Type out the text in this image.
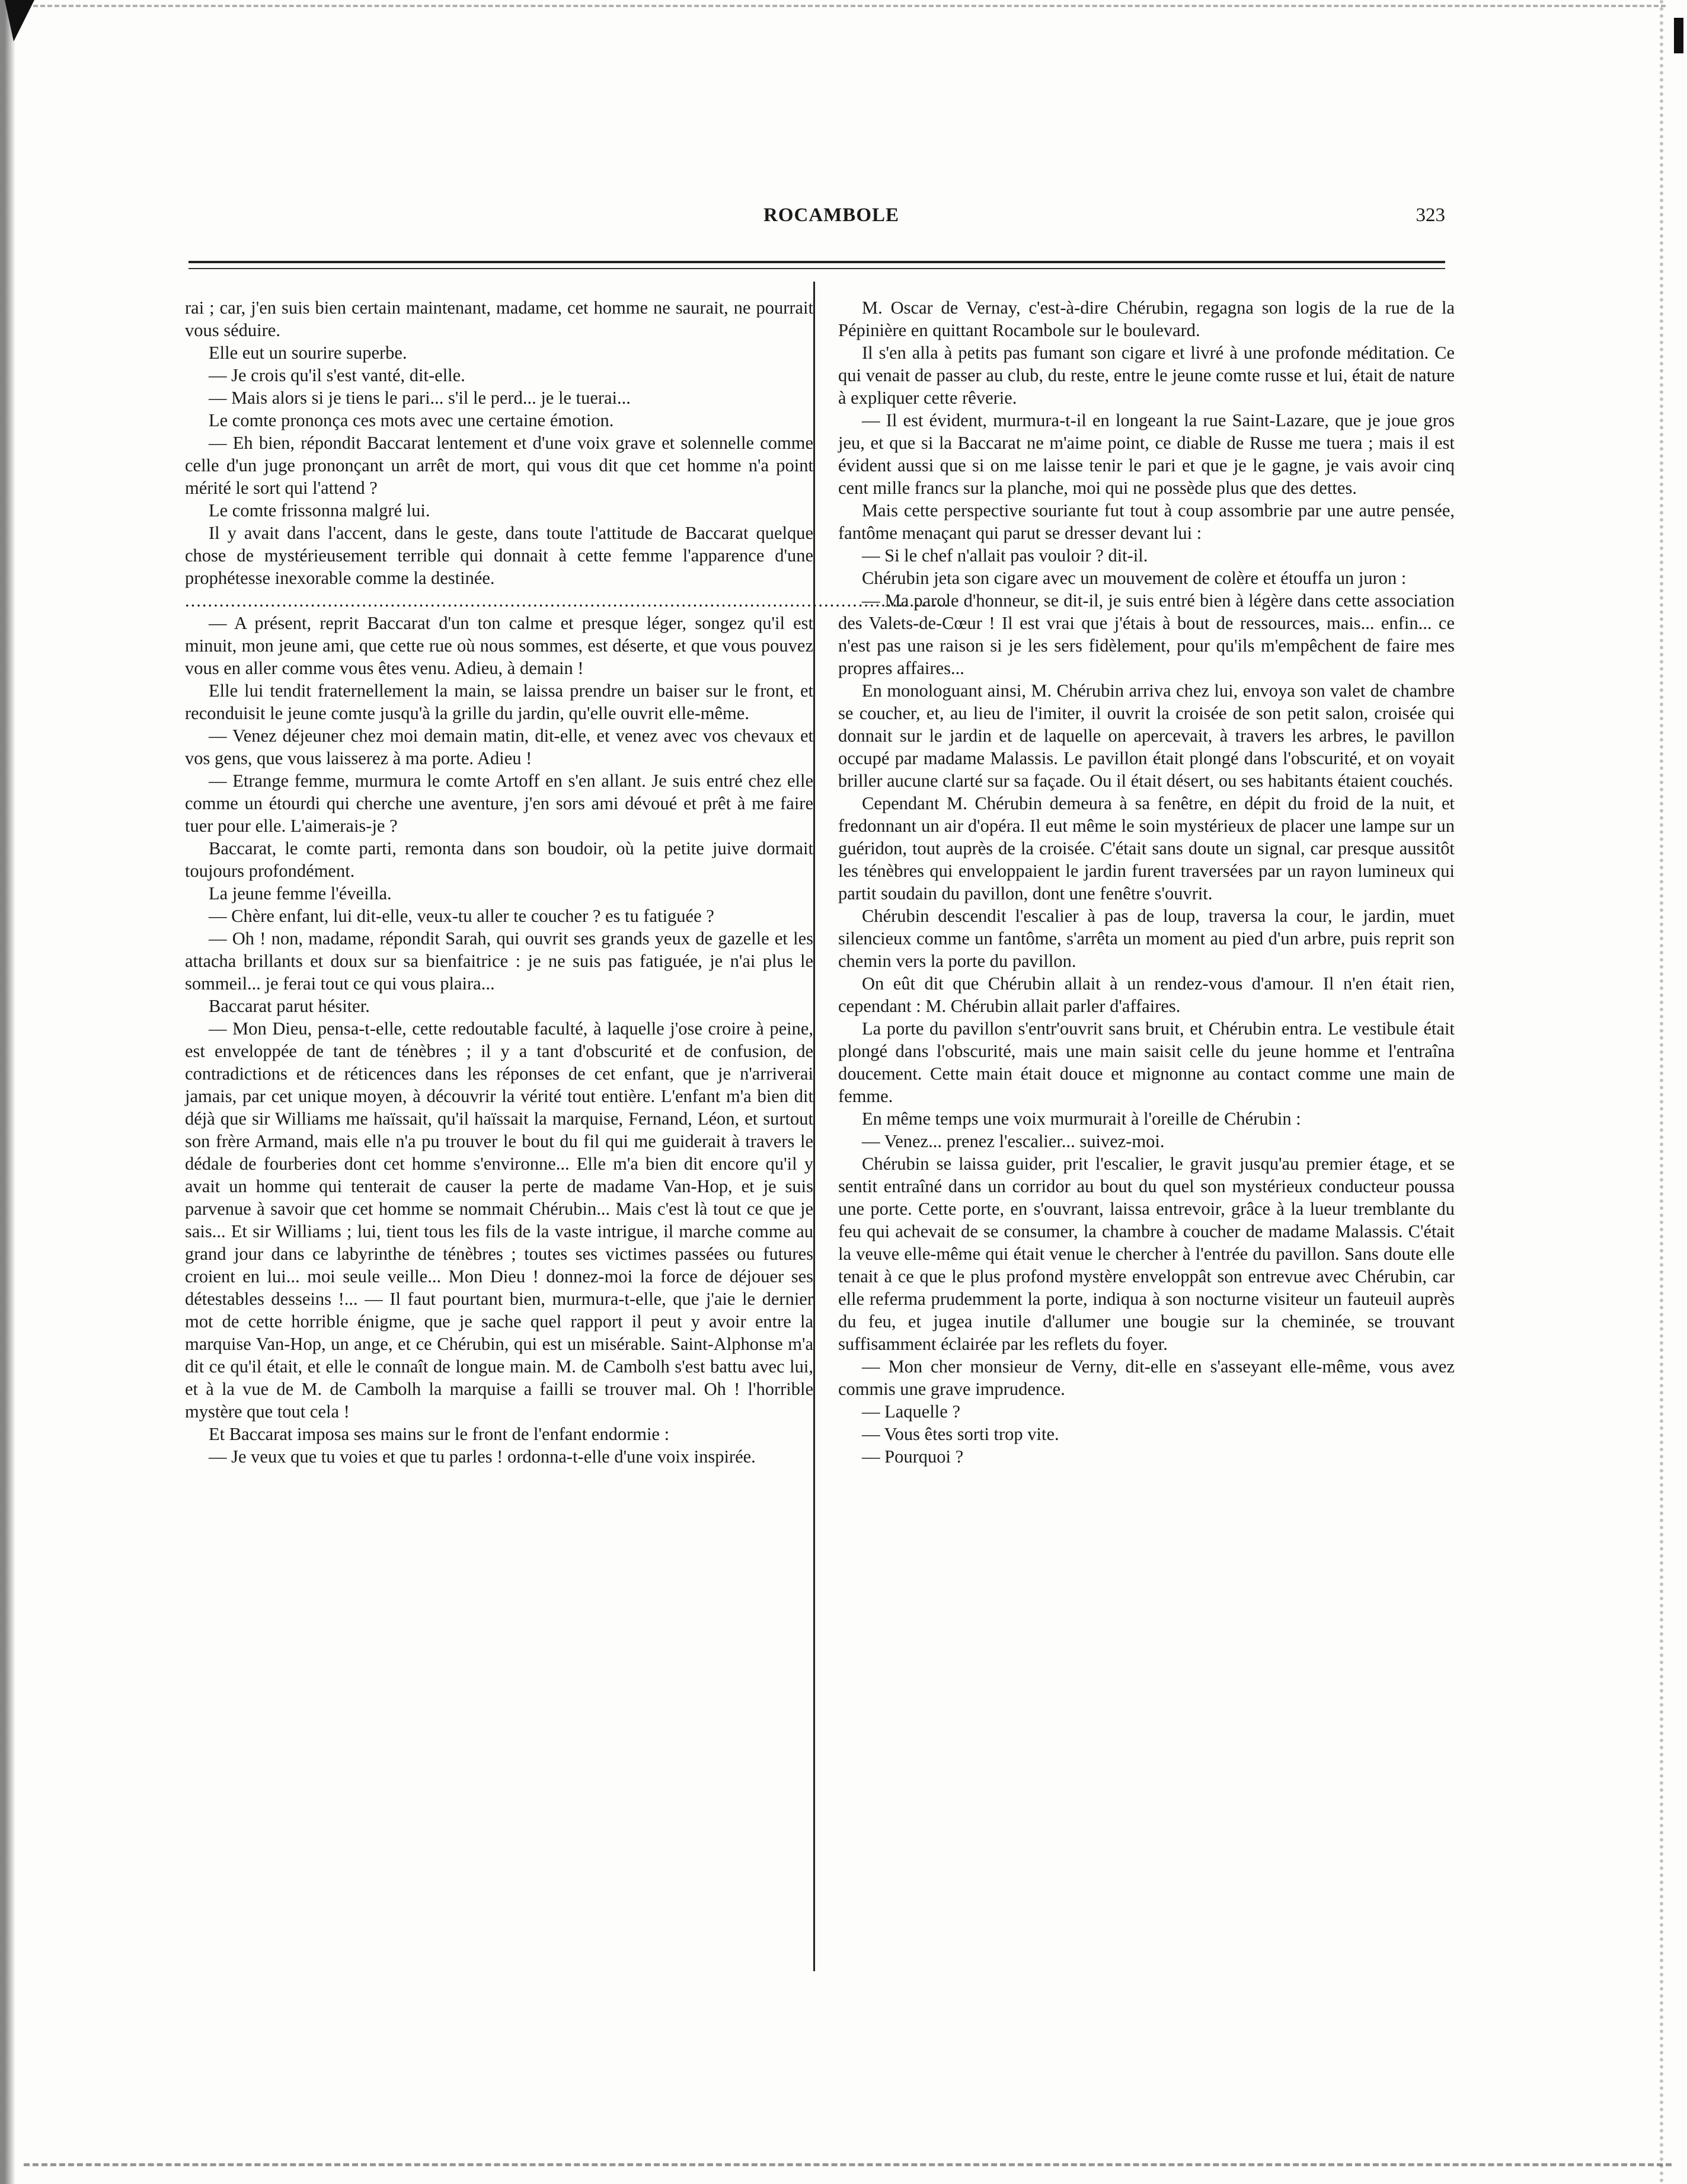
ROCAMBOLE	323

rai ; car, j'en suis bien certain maintenant, madame, cet homme ne saurait, ne pourrait vous séduire.

Elle eut un sourire superbe.

— Je crois qu'il s'est vanté, dit-elle.

— Mais alors si je tiens le pari... s'il le perd... je le tuerai...

Le comte prononça ces mots avec une certaine émotion.

— Eh bien, répondit Baccarat lentement et d'une voix grave et solennelle comme celle d'un juge prononçant un arrêt de mort, qui vous dit que cet homme n'a point mérité le sort qui l'attend ?

Le comte frissonna malgré lui.

Il y avait dans l'accent, dans le geste, dans toute l'attitude de Baccarat quelque chose de mystérieusement terrible qui donnait à cette femme l'apparence d'une prophétesse inexorable comme la destinée.

......................................................................................................................................

— A présent, reprit Baccarat d'un ton calme et presque léger, songez qu'il est minuit, mon jeune ami, que cette rue où nous sommes, est déserte, et que vous pouvez vous en aller comme vous êtes venu. Adieu, à demain !

Elle lui tendit fraternellement la main, se laissa prendre un baiser sur le front, et reconduisit le jeune comte jusqu'à la grille du jardin, qu'elle ouvrit elle-même.

— Venez déjeuner chez moi demain matin, dit-elle, et venez avec vos chevaux et vos gens, que vous laisserez à ma porte. Adieu !

— Etrange femme, murmura le comte Artoff en s'en allant. Je suis entré chez elle comme un étourdi qui cherche une aventure, j'en sors ami dévoué et prêt à me faire tuer pour elle. L'aimerais-je ?

Baccarat, le comte parti, remonta dans son boudoir, où la petite juive dormait toujours profondément.

La jeune femme l'éveilla.

— Chère enfant, lui dit-elle, veux-tu aller te coucher ? es tu fatiguée ?

— Oh ! non, madame, répondit Sarah, qui ouvrit ses grands yeux de gazelle et les attacha brillants et doux sur sa bienfaitrice : je ne suis pas fatiguée, je n'ai plus le sommeil... je ferai tout ce qui vous plaira...

Baccarat parut hésiter.

— Mon Dieu, pensa-t-elle, cette redoutable faculté, à laquelle j'ose croire à peine, est enveloppée de tant de ténèbres ; il y a tant d'obscurité et de confusion, de contradictions et de réticences dans les réponses de cet enfant, que je n'arriverai jamais, par cet unique moyen, à découvrir la vérité tout entière. L'enfant m'a bien dit déjà que sir Williams me haïssait, qu'il haïssait la marquise, Fernand, Léon, et surtout son frère Armand, mais elle n'a pu trouver le bout du fil qui me guiderait à travers le dédale de fourberies dont cet homme s'environne... Elle m'a bien dit encore qu'il y avait un homme qui tenterait de causer la perte de madame Van-Hop, et je suis parvenue à savoir que cet homme se nommait Chérubin... Mais c'est là tout ce que je sais... Et sir Williams ; lui, tient tous les fils de la vaste intrigue, il marche comme au grand jour dans ce labyrinthe de ténèbres ; toutes ses victimes passées ou futures croient en lui... moi seule veille... Mon Dieu ! donnez-moi la force de déjouer ses détestables desseins !... — Il faut pourtant bien, murmura-t-elle, que j'aie le dernier mot de cette horrible énigme, que je sache quel rapport il peut y avoir entre la marquise Van-Hop, un ange, et ce Chérubin, qui est un misérable. Saint-Alphonse m'a dit ce qu'il était, et elle le connaît de longue main. M. de Cambolh s'est battu avec lui, et à la vue de M. de Cambolh la marquise a failli se trouver mal. Oh ! l'horrible mystère que tout cela !

Et Baccarat imposa ses mains sur le front de l'enfant endormie :

— Je veux que tu voies et que tu parles ! ordonna-t-elle d'une voix inspirée.

M. Oscar de Vernay, c'est-à-dire Chérubin, regagna son logis de la rue de la Pépinière en quittant Rocambole sur le boulevard.

Il s'en alla à petits pas fumant son cigare et livré à une profonde méditation. Ce qui venait de passer au club, du reste, entre le jeune comte russe et lui, était de nature à expliquer cette rêverie.

— Il est évident, murmura-t-il en longeant la rue Saint-Lazare, que je joue gros jeu, et que si la Baccarat ne m'aime point, ce diable de Russe me tuera ; mais il est évident aussi que si on me laisse tenir le pari et que je le gagne, je vais avoir cinq cent mille francs sur la planche, moi qui ne possède plus que des dettes.

Mais cette perspective souriante fut tout à coup assombrie par une autre pensée, fantôme menaçant qui parut se dresser devant lui :

— Si le chef n'allait pas vouloir ? dit-il.

Chérubin jeta son cigare avec un mouvement de colère et étouffa un juron :

— Ma parole d'honneur, se dit-il, je suis entré bien à légère dans cette association des Valets-de-Cœur ! Il est vrai que j'étais à bout de ressources, mais... enfin... ce n'est pas une raison si je les sers fidèlement, pour qu'ils m'empêchent de faire mes propres affaires...

En monologuant ainsi, M. Chérubin arriva chez lui, envoya son valet de chambre se coucher, et, au lieu de l'imiter, il ouvrit la croisée de son petit salon, croisée qui donnait sur le jardin et de laquelle on apercevait, à travers les arbres, le pavillon occupé par madame Malassis. Le pavillon était plongé dans l'obscurité, et on voyait briller aucune clarté sur sa façade. Ou il était désert, ou ses habitants étaient couchés.

Cependant M. Chérubin demeura à sa fenêtre, en dépit du froid de la nuit, et fredonnant un air d'opéra. Il eut même le soin mystérieux de placer une lampe sur un guéridon, tout auprès de la croisée. C'était sans doute un signal, car presque aussitôt les ténèbres qui enveloppaient le jardin furent traversées par un rayon lumineux qui partit soudain du pavillon, dont une fenêtre s'ouvrit.

Chérubin descendit l'escalier à pas de loup, traversa la cour, le jardin, muet silencieux comme un fantôme, s'arrêta un moment au pied d'un arbre, puis reprit son chemin vers la porte du pavillon.

On eût dit que Chérubin allait à un rendez-vous d'amour. Il n'en était rien, cependant : M. Chérubin allait parler d'affaires.

La porte du pavillon s'entr'ouvrit sans bruit, et Chérubin entra. Le vestibule était plongé dans l'obscurité, mais une main saisit celle du jeune homme et l'entraîna doucement. Cette main était douce et mignonne au contact comme une main de femme.

En même temps une voix murmurait à l'oreille de Chérubin :

— Venez... prenez l'escalier... suivez-moi.

Chérubin se laissa guider, prit l'escalier, le gravit jusqu'au premier étage, et se sentit entraîné dans un corridor au bout du quel son mystérieux conducteur poussa une porte. Cette porte, en s'ouvrant, laissa entrevoir, grâce à la lueur tremblante du feu qui achevait de se consumer, la chambre à coucher de madame Malassis. C'était la veuve elle-même qui était venue le chercher à l'entrée du pavillon. Sans doute elle tenait à ce que le plus profond mystère enveloppât son entrevue avec Chérubin, car elle referma prudemment la porte, indiqua à son nocturne visiteur un fauteuil auprès du feu, et jugea inutile d'allumer une bougie sur la cheminée, se trouvant suffisamment éclairée par les reflets du foyer.

— Mon cher monsieur de Verny, dit-elle en s'asseyant elle-même, vous avez commis une grave imprudence.

— Laquelle ?

— Vous êtes sorti trop vite.

— Pourquoi ?
